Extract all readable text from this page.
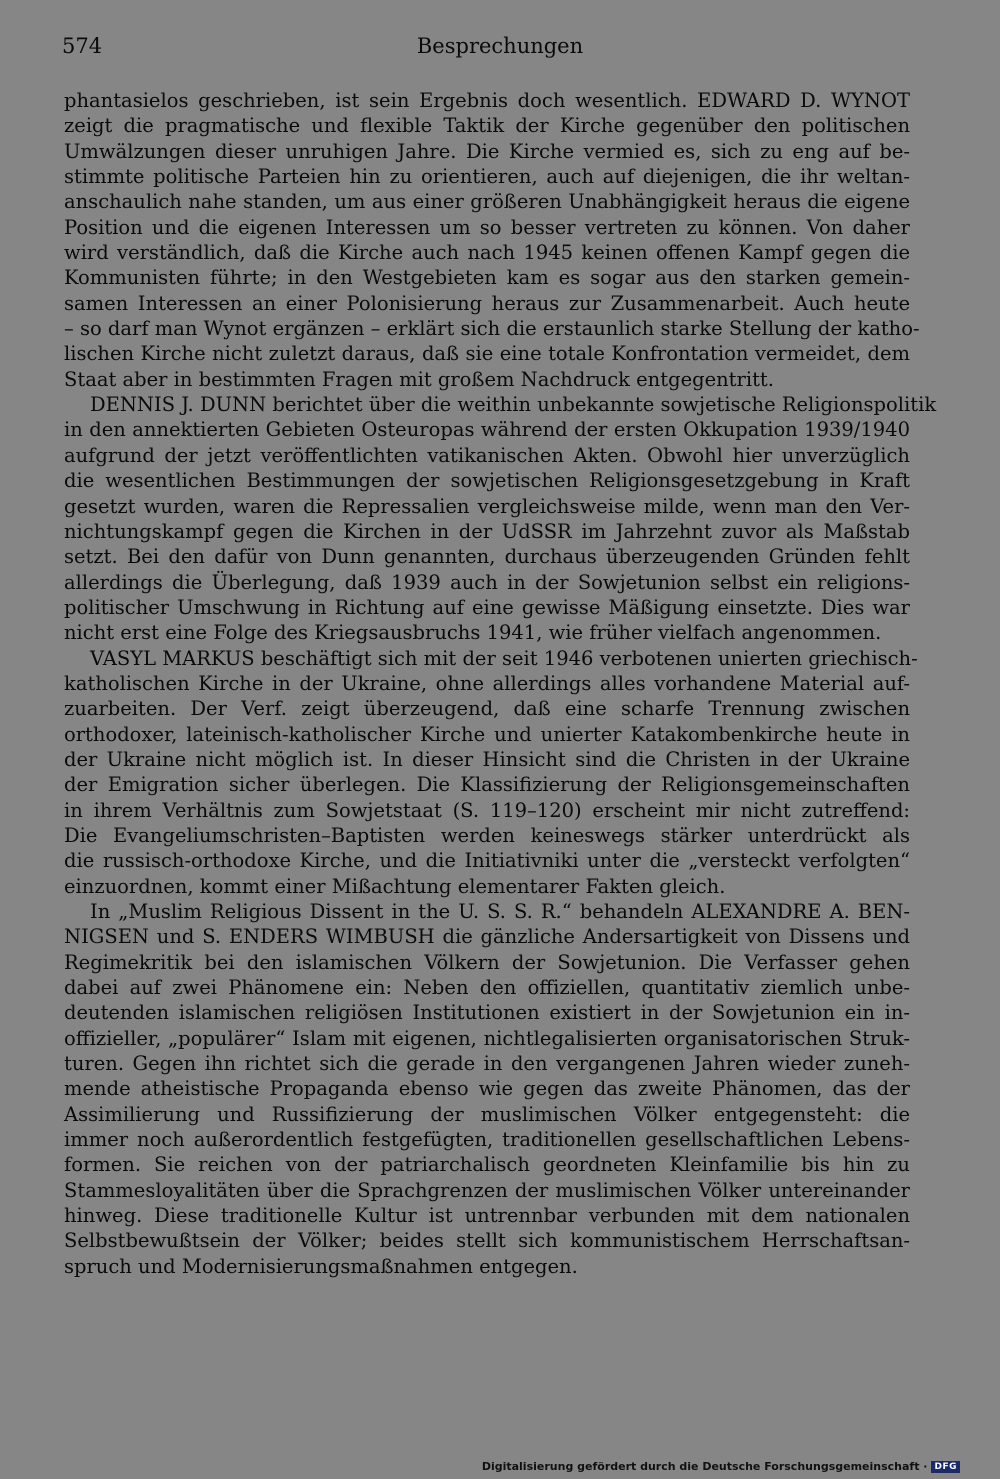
574	Besprechungen
phantasielos geschrieben, ist sein Ergebnis doch wesentlich. EDWARD D. WYNOT
zeigt die pragmatische und flexible Taktik der Kirche gegenüber den politischen
Umwälzungen dieser unruhigen Jahre. Die Kirche vermied es, sich zu eng auf be-
stimmte politische Parteien hin zu orientieren, auch auf diejenigen, die ihr weltan-
anschaulich nahe standen, um aus einer größeren Unabhängigkeit heraus die eigene
Position und die eigenen Interessen um so besser vertreten zu können. Von daher
wird verständlich, daß die Kirche auch nach 1945 keinen offenen Kampf gegen die
Kommunisten führte; in den Westgebieten kam es sogar aus den starken gemein-
samen Interessen an einer Polonisierung heraus zur Zusammenarbeit. Auch heute
– so darf man Wynot ergänzen – erklärt sich die erstaunlich starke Stellung der katho-
lischen Kirche nicht zuletzt daraus, daß sie eine totale Konfrontation vermeidet, dem
Staat aber in bestimmten Fragen mit großem Nachdruck entgegentritt.
DENNIS J. DUNN berichtet über die weithin unbekannte sowjetische Religionspolitik
in den annektierten Gebieten Osteuropas während der ersten Okkupation 1939/1940
aufgrund der jetzt veröffentlichten vatikanischen Akten. Obwohl hier unverzüglich
die wesentlichen Bestimmungen der sowjetischen Religionsgesetzgebung in Kraft
gesetzt wurden, waren die Repressalien vergleichsweise milde, wenn man den Ver-
nichtungskampf gegen die Kirchen in der UdSSR im Jahrzehnt zuvor als Maßstab
setzt. Bei den dafür von Dunn genannten, durchaus überzeugenden Gründen fehlt
allerdings die Überlegung, daß 1939 auch in der Sowjetunion selbst ein religions-
politischer Umschwung in Richtung auf eine gewisse Mäßigung einsetzte. Dies war
nicht erst eine Folge des Kriegsausbruchs 1941, wie früher vielfach angenommen.
VASYL MARKUS beschäftigt sich mit der seit 1946 verbotenen unierten griechisch-
katholischen Kirche in der Ukraine, ohne allerdings alles vorhandene Material auf-
zuarbeiten. Der Verf. zeigt überzeugend, daß eine scharfe Trennung zwischen
orthodoxer, lateinisch-katholischer Kirche und unierter Katakombenkirche heute in
der Ukraine nicht möglich ist. In dieser Hinsicht sind die Christen in der Ukraine
der Emigration sicher überlegen. Die Klassifizierung der Religionsgemeinschaften
in ihrem Verhältnis zum Sowjetstaat (S. 119–120) erscheint mir nicht zutreffend:
Die Evangeliumschristen–Baptisten werden keineswegs stärker unterdrückt als
die russisch-orthodoxe Kirche, und die Initiativniki unter die „versteckt verfolgten“
einzuordnen, kommt einer Mißachtung elementarer Fakten gleich.
In „Muslim Religious Dissent in the U. S. S. R.“ behandeln ALEXANDRE A. BEN-
NIGSEN und S. ENDERS WIMBUSH die gänzliche Andersartigkeit von Dissens und
Regimekritik bei den islamischen Völkern der Sowjetunion. Die Verfasser gehen
dabei auf zwei Phänomene ein: Neben den offiziellen, quantitativ ziemlich unbe-
deutenden islamischen religiösen Institutionen existiert in der Sowjetunion ein in-
offizieller, „populärer“ Islam mit eigenen, nichtlegalisierten organisatorischen Struk-
turen. Gegen ihn richtet sich die gerade in den vergangenen Jahren wieder zuneh-
mende atheistische Propaganda ebenso wie gegen das zweite Phänomen, das der
Assimilierung und Russifizierung der muslimischen Völker entgegensteht: die
immer noch außerordentlich festgefügten, traditionellen gesellschaftlichen Lebens-
formen. Sie reichen von der patriarchalisch geordneten Kleinfamilie bis hin zu
Stammesloyalitäten über die Sprachgrenzen der muslimischen Völker untereinander
hinweg. Diese traditionelle Kultur ist untrennbar verbunden mit dem nationalen
Selbstbewußtsein der Völker; beides stellt sich kommunistischem Herrschaftsan-
spruch und Modernisierungsmaßnahmen entgegen.
Digitalisierung gefördert durch die Deutsche Forschungsgemeinschaft · DFG
